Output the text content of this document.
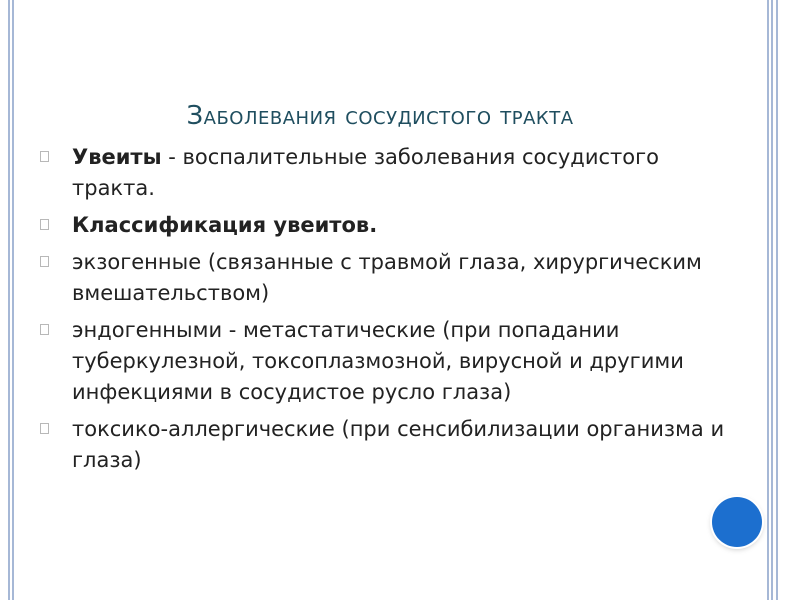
Заболевания сосудистого тракта
Увеиты - воспалительные заболевания сосудистого тракта.
Классификация увеитов.
экзогенные (связанные с травмой глаза, хирургическим вмешательством)
эндогенными - метастатические (при попадании туберкулезной, токсоплазмозной, вирусной и другими инфекциями в сосудистое русло глаза)
токсико-аллергические (при сенсибилизации организма и глаза)
